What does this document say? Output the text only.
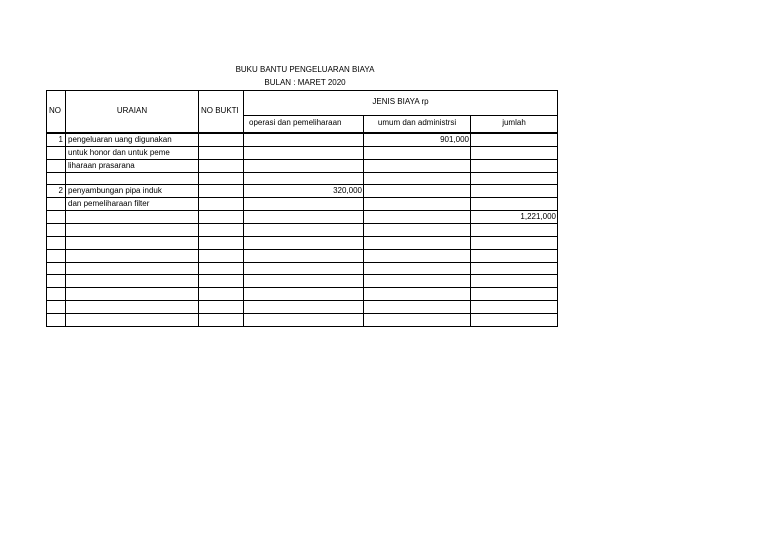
BUKU BANTU PENGELUARAN BIAYA
BULAN : MARET 2020
NO	URAIAN	NO BUKTI	JENIS BIAYA rp		
			operasi dan pemeliharaan	umum dan administrsi	jumlah
1	pengeluaran uang digunakan			901,000	
	untuk honor dan untuk peme				
	liharaan prasarana				

2	penyambungan pipa induk		320,000		
	dan pemeliharaan filter				
					1,221,000
